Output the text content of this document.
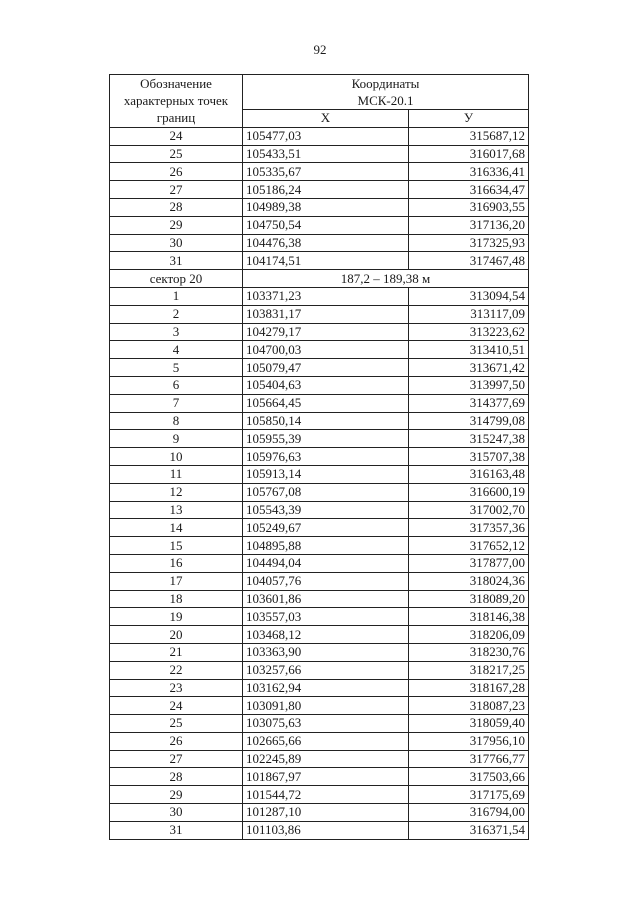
92
Обозначение характерных точек границ	Координаты
МСК-20.1	

	Х	У
24	105477,03	315687,12
25	105433,51	316017,68
26	105335,67	316336,41
27	105186,24	316634,47
28	104989,38	316903,55
29	104750,54	317136,20
30	104476,38	317325,93
31	104174,51	317467,48
сектор 20	187,2 – 189,38 м	
1	103371,23	313094,54
2	103831,17	313117,09
3	104279,17	313223,62
4	104700,03	313410,51
5	105079,47	313671,42
6	105404,63	313997,50
7	105664,45	314377,69
8	105850,14	314799,08
9	105955,39	315247,38
10	105976,63	315707,38
11	105913,14	316163,48
12	105767,08	316600,19
13	105543,39	317002,70
14	105249,67	317357,36
15	104895,88	317652,12
16	104494,04	317877,00
17	104057,76	318024,36
18	103601,86	318089,20
19	103557,03	318146,38
20	103468,12	318206,09
21	103363,90	318230,76
22	103257,66	318217,25
23	103162,94	318167,28
24	103091,80	318087,23
25	103075,63	318059,40
26	102665,66	317956,10
27	102245,89	317766,77
28	101867,97	317503,66
29	101544,72	317175,69
30	101287,10	316794,00
31	101103,86	316371,54
